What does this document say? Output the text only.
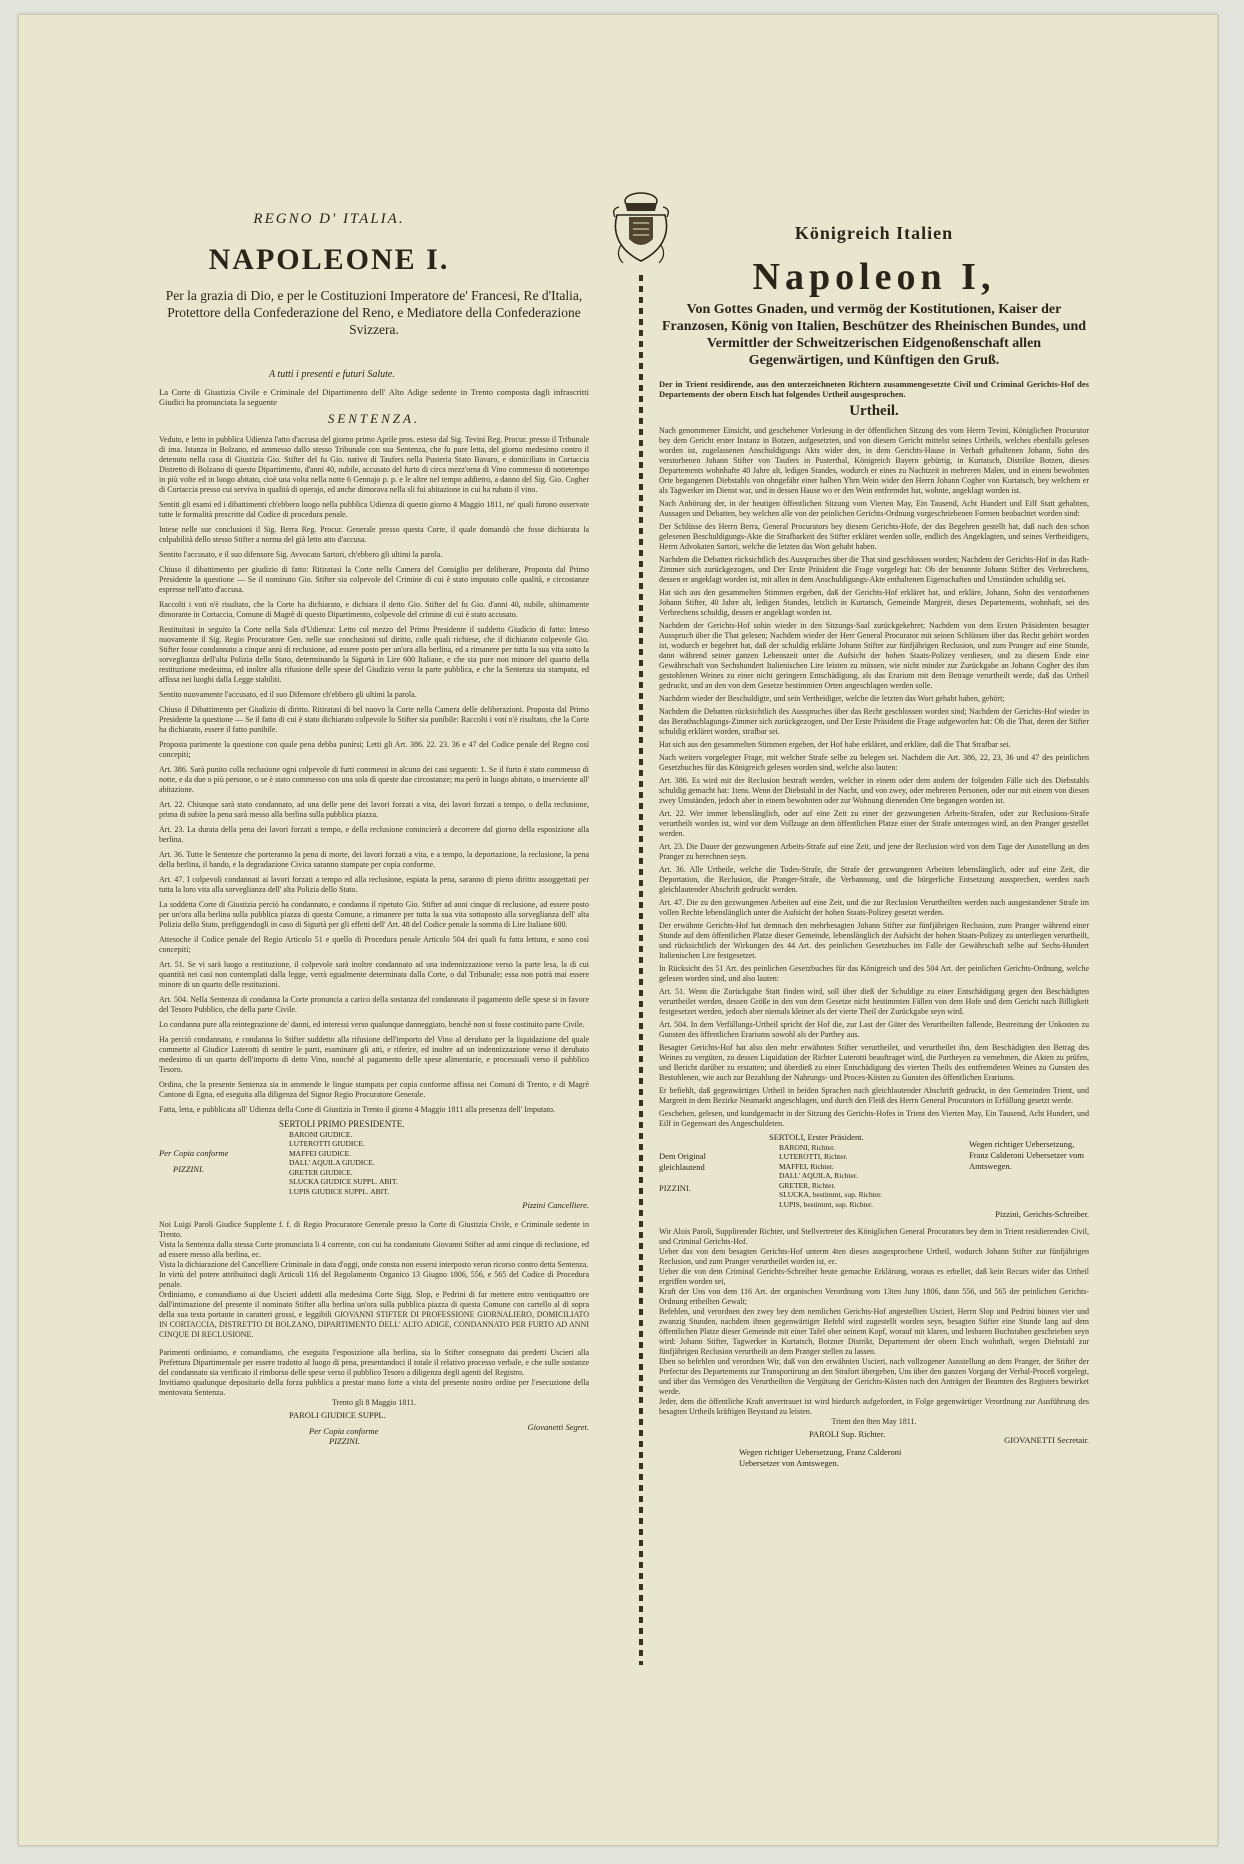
REGNO D' ITALIA.
NAPOLEONE I.
Per la grazia di Dio, e per le Costituzioni Imperatore de' Francesi, Re d'Italia, Protettore della Confederazione del Reno, e Mediatore della Confederazione Svizzera.
A tutti i presenti e futuri Salute.
La Corte di Giustizia Civile e Criminale del Dipartimento dell' Alto Adige sedente in Trento composta dagli infrascritti Giudici ha pronunciata la seguente
SENTENZA.
Veduto, e letto in pubblica Udienza l'atto d'accusa del giorno primo Aprile pros. esteso dal Sig. Tevini Reg. Procur. presso il Tribunale di ima. Istanza in Bolzano, ed ammesso dallo stesso Tribunale con sua Sentenza, che fu pure letta, del giorno medesimo contro il detenuto nella casa di Giustizia Gio. Stifter del fu Gio. nativo di Taufers nella Pusteria Stato Bavaro, e domiciliato in Cortaccia Distretto di Bolzano di questo Dipartimento, d'anni 40, nubile, accusato del furto di circa mezz'orna di Vino commesso di nottetempo in più volte ed in luogo abitato, cioè una volta nella notte 6 Gennajo p. p. e le altre nel tempo addietro, a danno del Sig. Gio. Cogher di Cortaccia presso cui serviva in qualità di operajo, ed anche dimorava nella sli fui abitazione in cui ha rubato il vino.
Sentiti gli esami ed i dibattimenti ch'ebbero luogo nella pubblica Udienza di questo giorno 4 Maggio 1811, ne' quali furono osservate tutte le formalità prescritte dal Codice di procedura penale.
Intese nelle sue conclusioni il Sig. Berra Reg. Procur. Generale presso questa Corte, il quale domandò che fosse dichiarata la colpabilità dello stesso Stifter a norma del già letto atto d'accusa.
Sentito l'accusato, e il suo difensore Sig. Avvocato Sartori, ch'ebbero gli ultimi la parola.
Chiuso il dibattimento per giudizio di fatto: Ritiratasi la Corte nella Camera del Consiglio per deliberare, Proposta dal Primo Presidente la questione — Se il nominato Gio. Stifter sia colpevole del Crimine di cui è stato imputato colle qualità, e circostanze espresse nell'atto d'accusa.
Raccolti i voti n'è risultato, che la Corte ha dichiarato, e dichiara il detto Gio. Stifter del fu Gio. d'anni 40, nubile, ultimamente dimorante in Cortaccia, Comune di Magrè di questo Dipartimento, colpevole del crimine di cui è stato accusato.
Restituitasi in seguito la Corte nella Sala d'Udienza: Letto col mezzo del Primo Presidente il suddetto Giudicio di fatto: Inteso nuovamente il Sig. Regio Procuratore Gen. nelle sue conclusioni sul diritto, colle quali richiese, che il dichiarato colpevole Gio. Stifter fosse condannato a cinque anni di reclusione, ad essere posto per un'ora alla berlina, ed a rimanere per tutta la sua vita sotto la sorveglianza dell'alta Polizia dello Stato, determinando la Sigurtà in Lire 600 Italiane, e che sia pure non minore del quarto della restituzione medesima, ed inoltre alla rifusione delle spese del Giudizio verso la parte pubblica, e che la Sentenza sia stampata, ed affissa nei luoghi dalla Legge stabiliti.
Sentito nuovamente l'accusato, ed il suo Difensore ch'ebbero gli ultimi la parola.
Chiuso il Dibattimento per Giudizio di diritto. Ritiratasi di bel nuovo la Corte nella Camera delle deliberazioni. Proposta dal Primo Presidente la questione — Se il fatto di cui è stato dichiarato colpevole lo Stifter sia punibile: Raccolti i voti n'è risultato, che la Corte ha dichiarato, essere il fatto punibile.
Proposta parimente la questione con quale pena debba punirsi; Letti gli Art. 386. 22. 23. 36 e 47 del Codice penale del Regno così concepiti;
Art. 386. Sarà punito colla reclusione ogni colpevole di furti commessi in alcuno dei casi seguenti: 1. Se il furto è stato commesso di notte, e da due o più persone, o se è stato commesso con una sola di queste due circostanze; ma però in luogo abitato, o inserviente all' abitazione.
Art. 22. Chiunque sarà stato condannato, ad una delle pene dei lavori forzati a vita, dei lavori forzati a tempo, o della reclusione, prima di subire la pena sarà messo alla berlina sulla pubblica piazza.
Art. 23. La durata della pena dei lavori forzati a tempo, e della reclusione comincierà a decorrere dal giorno della esposizione alla berlina.
Art. 36. Tutte le Sentenze che porteranno la pena di morte, dei lavori forzati a vita, e a tempo, la deportazione, la reclusione, la pena della berlina, il bando, e la degradazione Civica saranno stampate per copia conforme.
Art. 47. I colpevoli condannati ai lavori forzati a tempo ed alla reclusione, espiata la pena, saranno di pieno diritto assoggettati per tutta la loro vita alla sorveglianza dell' alta Polizia dello Stato.
La soddetta Corte di Giustizia perciò ha condannato, e condanna il ripetuto Gio. Stifter ad anni cinque di reclusione, ad essere posto per un'ora alla berlina sulla pubblica piazza di questa Comune, a rimanere per tutta la sua vita sottoposto alla sorveglianza dell' alta Polizia dello Stato, prefiggendogli in caso di Sigurtà per gli effetti dell' Art. 48 del Codice penale la somma di Lire Italiane 600.
Attesoche il Codice penale del Regio Articolo 51 e quello di Procedura penale Articolo 504 dei quali fu fatta lettura, e sono così concepiti;
Art. 51. Se vi sarà luogo a restituzione, il colpevole sarà inoltre condannato ad una indennizzazione verso la parte lesa, la di cui quantità nei casi non contemplati dalla legge, verrà egualmente determinata dalla Corte, o dal Tribunale; essa non potrà mai essere minore di un quarto delle restituzioni.
Art. 504. Nella Sentenza di condanna la Corte pronuncia a carico della sostanza del condannato il pagamento delle spese si in favore del Tesoro Pubblico, che della parte Civile.
Lo condanna pure alla reintegrazione de' danni, ed interessi verso qualunque danneggiato, benchè non si fosse costituito parte Civile.
Ha perciò condannato, e condanna lo Stifter suddetto alla rifusione dell'importo del Vino al derubato per la liquidazione del quale commette al Giudice Luterotti di sentire le parti, esaminare gli atti, e riferire, ed inoltre ad un indennizzazione verso il derubato medesimo di un quarto dell'importo di detto Vino, nonchè al pagamento delle spese alimentarie, e processuali verso il pubblico Tesoro.
Ordina, che la presente Sentenza sia in ammende le lingue stampata per copia conforme affissa nei Comuni di Trento, e di Magrè Cantone di Egna, ed eseguita alla diligenza del Signor Regio Procuratore Generale.
Fatta, letta, e pubblicata all' Udienza della Corte di Giustizia in Trento il giorno 4 Maggio 1811 alla presenza dell' Imputato.
Per Copia conforme
PIZZINI.
SERTOLI PRIMO PRESIDENTE.
BARONI GIUDICE.
LUTEROTTI GIUDICE.
MAFFEI GIUDICE.
DALL' AQUILA GIUDICE.
GRETER GIUDICE.
SLUCKA GIUDICE SUPPL. ABIT.
LUPIS GIUDICE SUPPL. ABIT.
Pizzini Cancelliere.
Noi Luigi Paroli Giudice Supplente f. f. di Regio Procuratore Generale presso la Corte di Giustizia Civile, e Criminale sedente in Trento.
Vista la Sentenza dalla stessa Corte pronunciata li 4 corrente, con cui ha condannato Giovanni Stifter ad anni cinque di reclusione, ed ad essere messo alla berlina, ec.
Vista la dichiarazione del Cancelliere Criminale in data d'oggi, onde consta non essersi interposto verun ricorso contro detta Sentenza.
In virtù del potere attribuitoci dagli Articoli 116 del Regolamento Organico 13 Giugno 1806, 556, e 565 del Codice di Procedura penale.
Ordiniamo, e comandiamo ai due Uscieri addetti alla medesima Corte Sigg. Slop, e Pedrini di far mettere entro ventiquattro ore dall'intimazione del presente il nominato Stifter alla berlina un'ora sulla pubblica piazza di questa Comune con cartello al di sopra della sua testa portante in caratteri grossi, e leggibili GIOVANNI STIFTER DI PROFESSIONE GIORNALIERO, DOMICILIATO IN CORTACCIA, DISTRETTO DI BOLZANO, DIPARTIMENTO DELL' ALTO ADIGE, CONDANNATO PER FURTO AD ANNI CINQUE DI RECLUSIONE.
Parimenti ordiniamo, e comandiamo, che eseguita l'esposizione alla berlina, sia lo Stifter consegnato dai predetti Uscieri alla Prefettura Dipartimentale per essere tradotto al luogo di pena, presentandoci il totale il relativo processo verbale, e che sulle sostanze del condannato sia verificato il rimborso delle spese verso il pubblico Tesoro a diligenza degli agenti del Registro.
Invitiamo qualunque depositario della forza pubblica a prestar mano forte a vista del presente nostro ordine per l'esecuzione della mentovata Sentenza.
Trento gli 8 Maggio 1811.
PAROLI GIUDICE SUPPL.
Per Copia conforme
PIZZINI.
Giovanetti Segret.
Königreich Italien
Napoleon I,
Von Gottes Gnaden, und vermög der Kostitutionen, Kaiser der Franzosen, König von Italien, Beschützer des Rheinischen Bundes, und Vermittler der Schweitzerischen Eidgenoßenschaft allen Gegenwärtigen, und Künftigen den Gruß.
Der in Trient residirende, aus den unterzeichneten Richtern zusammengesetzte Civil und Criminal Gerichts-Hof des Departements der obern Etsch hat folgendes Urtheil ausgesprochen.
Urtheil.
Nach genommener Einsicht, und geschehener Vorlesung in der öffentlichen Sitzung des vom Herrn Tevini, Königlichen Procurator bey dem Gericht erster Instanz in Botzen, aufgesetzten, und von diesem Gericht mittelst seines Urtheils, welches ebenfalls gelesen worden ist, zugelassenen Anschuldigungs Akts wider den, in dem Gerichts-Hause in Verhaft gehaltenen Johann, Sohn des verstorbenen Johann Stifter von Taufers in Pusterthal, Königreich Bayern gebürtig, in Kurtatsch, Distrikte Botzen, dieses Departements wohnhafte 40 Jahre alt, ledigen Standes, wodurch er eines zu Nachtzeit in mehreren Malen, und in einem bewohnten Orte begangenen Diebstahls von ohngefähr einer halben Yhrn Wein wider den Herrn Johann Cogher von Kurtatsch, bey welchem er als Tagwerker im Dienst war, und in dessen Hause wo er den Wein entfremdet hat, wohnte, angeklagt worden ist.
Nach Anhörung der, in der heutigen öffentlichen Sitzung vom Vierten May, Ein Tausend, Acht Hundert und Eilf Statt gehabten, Aussagen und Debatten, bey welchen alle von der peinlichen Gerichts-Ordnung vorgeschriebenen Formen beobachtet worden sind:
Der Schlüsse des Herrn Berra, General Procurators bey diesem Gerichts-Hofe, der das Begehren gestellt hat, daß nach den schon gelesenen Beschuldigungs-Akte die Strafbarkeit des Stifter erkläret werden solle, endlich des Angeklagten, und seines Vertheidigers, Herrn Advokaten Sartori, welche die letzten das Wort gehabt haben.
Nachdem die Debatten rücksichtlich des Ausspruches über die That sind geschlossen worden; Nachdem der Gerichts-Hof in das Rath-Zimmer sich zurückgezogen, und Der Erste Präsident die Frage vorgelegt hat: Ob der benannte Johann Stifter des Verbrechens, dessen er angeklagt worden ist, mit allen in dem Anschuldigungs-Akte enthaltenen Eigenschaften und Umständen schuldig sei.
Hat sich aus den gesammelten Stimmen ergeben, daß der Gerichts-Hof erkläret hat, und erkläre, Johann, Sohn des verstorbenen Johann Stifter, 40 Jahre alt, ledigen Standes, letzlich in Kurtatsch, Gemeinde Margreit, dieses Departements, wohnhaft, sei des Verbrechens schuldig, dessen er angeklagt worden ist.
Nachdem der Gerichts-Hof sohin wieder in den Sitzungs-Saal zurückgekehret; Nachdem von dem Ersten Präsidenten besagter Ausspruch über die That gelesen; Nachdem wieder der Herr General Procurator mit seinen Schlüssen über das Recht gehört worden ist, wodurch er begehret hat, daß der schuldig erklärte Johann Stifter zur fünfjährigen Reclusion, und zum Pranger auf eine Stunde, dann während seiner ganzen Lebenszeit unter die Aufsicht der hohen Staats-Polizey verdiesen, und zu diesem Ende eine Gewährschaft von Sechshundert Italienischen Lire leisten zu müssen, wie nicht minder zur Zurückgabe an Johann Cogher des ihm gestohlenen Weines zu einer nicht geringern Entschädigung, als das Erarium mit dem Betrage verurtheilt werde, daß das Urtheil gedruckt, und an den von dem Gesetze bestimmten Orten angeschlagen werden solle.
Nachdem wieder der Beschuldigte, und sein Vertheidiger, welche die letzten das Wort gehabt haben, gehört;
Nachdem die Debatten rücksichtlich des Ausspruches über das Recht geschlossen worden sind; Nachdem der Gerichts-Hof wieder in das Berathschlagungs-Zimmer sich zurückgezogen, und Der Erste Präsident die Frage aufgeworfen hat: Ob die That, deren der Stifter schuldig erkläret worden, strafbar sei.
Hat sich aus den gesammelten Stimmen ergeben, der Hof habe erkläret, und erkläre, daß die That Strafbar sei.
Nach weiters vorgelegter Frage, mit welcher Strafe selbe zu belegen sei. Nachdem die Art. 386, 22, 23, 36 und 47 des peinlichen Gesetzbuches für das Königreich gelesen worden sind, welche also lauten:
Art. 386. Es wird mit der Reclusion bestraft werden, welcher in einem oder dem andern der folgenden Fälle sich des Diebstahls schuldig gemacht hat: 1tens. Wenn der Diebstahl in der Nacht, und von zwey, oder mehreren Personen, oder nur mit einem von diesen zwey Umständen, jedoch aber in einem bewohnten oder zur Wohnung dienenden Orte begangen worden ist.
Art. 22. Wer immer lebenslänglich, oder auf eine Zeit zu einer der gezwungenen Arbeits-Strafen, oder zur Reclusions-Strafe verurtheilt worden ist, wird vor dem Vollzuge an dem öffentlichen Platze einer der Strafe unterzogen wird, an den Pranger gestellet werden.
Art. 23. Die Dauer der gezwungenen Arbeits-Strafe auf eine Zeit, und jene der Reclusion wird von dem Tage der Ausstellung an den Pranger zu berechnen seyn.
Art. 36. Alle Urtheile, welche die Todes-Strafe, die Strafe der gezwungenen Arbeiten lebenslänglich, oder auf eine Zeit, die Deportation, die Reclusion, die Pranger-Strafe, die Verbannung, und die bürgerliche Entsetzung aussprechen, werden nach gleichlautender Abschrift gedruckt werden.
Art. 47. Die zu den gezwungenen Arbeiten auf eine Zeit, und die zur Reclusion Verurtheilten werden nach ausgestandener Strafe im vollen Rechte lebenslänglich unter die Aufsicht der hohen Staats-Polizey gesetzt werden.
Der erwähnte Gerichts-Hof hat demnach den mehrbesagten Johann Stifter zur fünfjährigen Reclusion, zum Pranger während einer Stunde auf dem öffentlichen Platze dieser Gemeinde, lebenslänglich der Aufsicht der hohen Staats-Polizey zu unterliegen verurtheilt, und rücksichtlich der Wirkungen des 44 Art. des peinlichen Gesetzbuches im Falle der Gewährschaft selbe auf Sechs-Hundert Italienischen Lire festgesetzet.
In Rücksicht des 51 Art. des peinlichen Gesetzbuches für das Königreich und des 504 Art. der peinlichen Gerichts-Ordnung, welche gelesen worden sind, und also lauten:
Art. 51. Wenn die Zurückgabe Statt finden wird, soll über dieß der Schuldige zu einer Entschädigung gegen den Beschädigten verurtheilet werden, dessen Größe in den von dem Gesetze nicht bestimmten Fällen von dem Hofe und dem Gericht nach Billigkeit festgesetzet werden, jedoch aber niemals kleiner als der vierte Theil der Zurückgabe seyn wird.
Art. 504. In dem Verfällungs-Urtheil spricht der Hof die, zur Last der Güter des Verurtheilten fallende, Bestreitung der Unkosten zu Gunsten des öffentlichen Erariums sowohl als der Parthey aus.
Besagter Gerichts-Hof hat also den mehr erwähnten Stifter verurtheilet, und verurtheilet ihn, dem Beschädigten den Betrag des Weines zu vergüten, zu dessen Liquidation der Richter Luterotti beauftraget wird, die Partheyen zu vernehmen, die Akten zu prüfen, und Bericht darüber zu erstatten; und überdieß zu einer Entschädigung des vierten Theils des entfremdeten Weines zu Gunsten des Bestohlenen, wie auch zur Bezahlung der Nahrungs- und Proces-Kösten zu Gunsten des öffentlichen Erariums.
Er befiehlt, daß gegenwärtiges Urtheil in beiden Sprachen nach gleichlautender Abschrift gedruckt, in den Gemeinden Trient, und Margreit in dem Bezirke Neumarkt angeschlagen, und durch den Fleiß des Herrn General Procurators in Erfüllung gesetzt werde.
Geschehen, gelesen, und kundgemacht in der Sitzung des Gerichts-Hofes in Trient den Vierten May, Ein Tausend, Acht Hundert, und Eilf in Gegenwart des Angeschuldeten.
Dem Original gleichlautend
PIZZINI.
SERTOLI, Erster Präsident.
BARONI, Richter.
LUTEROTTI, Richter.
MAFFEI, Richter.
DALL' AQUILA, Richter.
GRETER, Richter.
SLUCKA, bestimmt, sup. Richter.
LUPIS, bestimmt, sup. Richter.
Wegen richtiger Uebersetzung, Franz Calderoni Uebersetzer vom Amtswegen.
Pizzini, Gerichts-Schreiber.
Wir Alois Paroli, Supplirender Richter, und Stellvertreter des Königlichen General Procurators bey dem in Trient residierenden Civil, und Criminal Gerichts-Hof.
Ueber das von dem besagten Gerichts-Hof unterm 4ten dieses ausgesprochene Urtheil, wodurch Johann Stifter zur fünfjährigen Reclusion, und zum Pranger verurtheilet worden ist, ec.
Ueber die von dem Criminal Gerichts-Schreiber heute gemachte Erklärung, woraus es erhellet, daß kein Recurs wider das Urtheil ergriffen worden sei,
Kraft der Uns von dem 116 Art. der organischen Verordnung vom 13ten Juny 1806, dann 556, und 565 der peinlichen Gerichts-Ordnung ertheilten Gewalt;
Befehlen, und verordnen den zwey bey dem nemlichen Gerichts-Hof angestellten Uscieri, Herrn Slop und Pedrini binnen vier und zwanzig Stunden, nachdem ihnen gegenwärtiger Befehl wird zugestellt worden seyn, besagten Stifter eine Stunde lang auf dem öffentlichen Platze dieser Gemeinde mit einer Tafel ober seinem Kopf, worauf mit klaren, und lesbaren Buchstaben geschrieben seyn wird: Johann Stifter, Tagwerker in Kurtatsch, Botzner Distrikt, Departement der obern Etsch wohnhaft, wegen Diebstahl zur fünfjährigen Reclusion verurtheilt an dem Pranger stellen zu lassen.
Eben so befehlen und verordnen Wir, daß von den erwähnten Uscieri, nach vollzogener Ausstellung an dem Pranger, der Stifter der Prefectur des Departements zur Transportirung an den Strafort übergeben, Uns über den ganzen Vorgang der Verbal-Proceß vorgelegt, und über das Vermögen des Verurtheilten die Vergütung der Gerichts-Kösten nach den Anträgen der Beamten des Registers bewirket werde.
Jeder, dem die öffentliche Kraft anvertrauet ist wird hiedurch aufgefordert, in Folge gegenwärtiger Verordnung zur Ausführung des besagten Urtheils kräftigen Beystand zu leisten.
Trient den 8ten May 1811.
PAROLI Sup. Richter.
GIOVANETTI Secretair.
Wegen richtiger Uebersetzung, Franz Calderoni Uebersetzer von Amtswegen.
